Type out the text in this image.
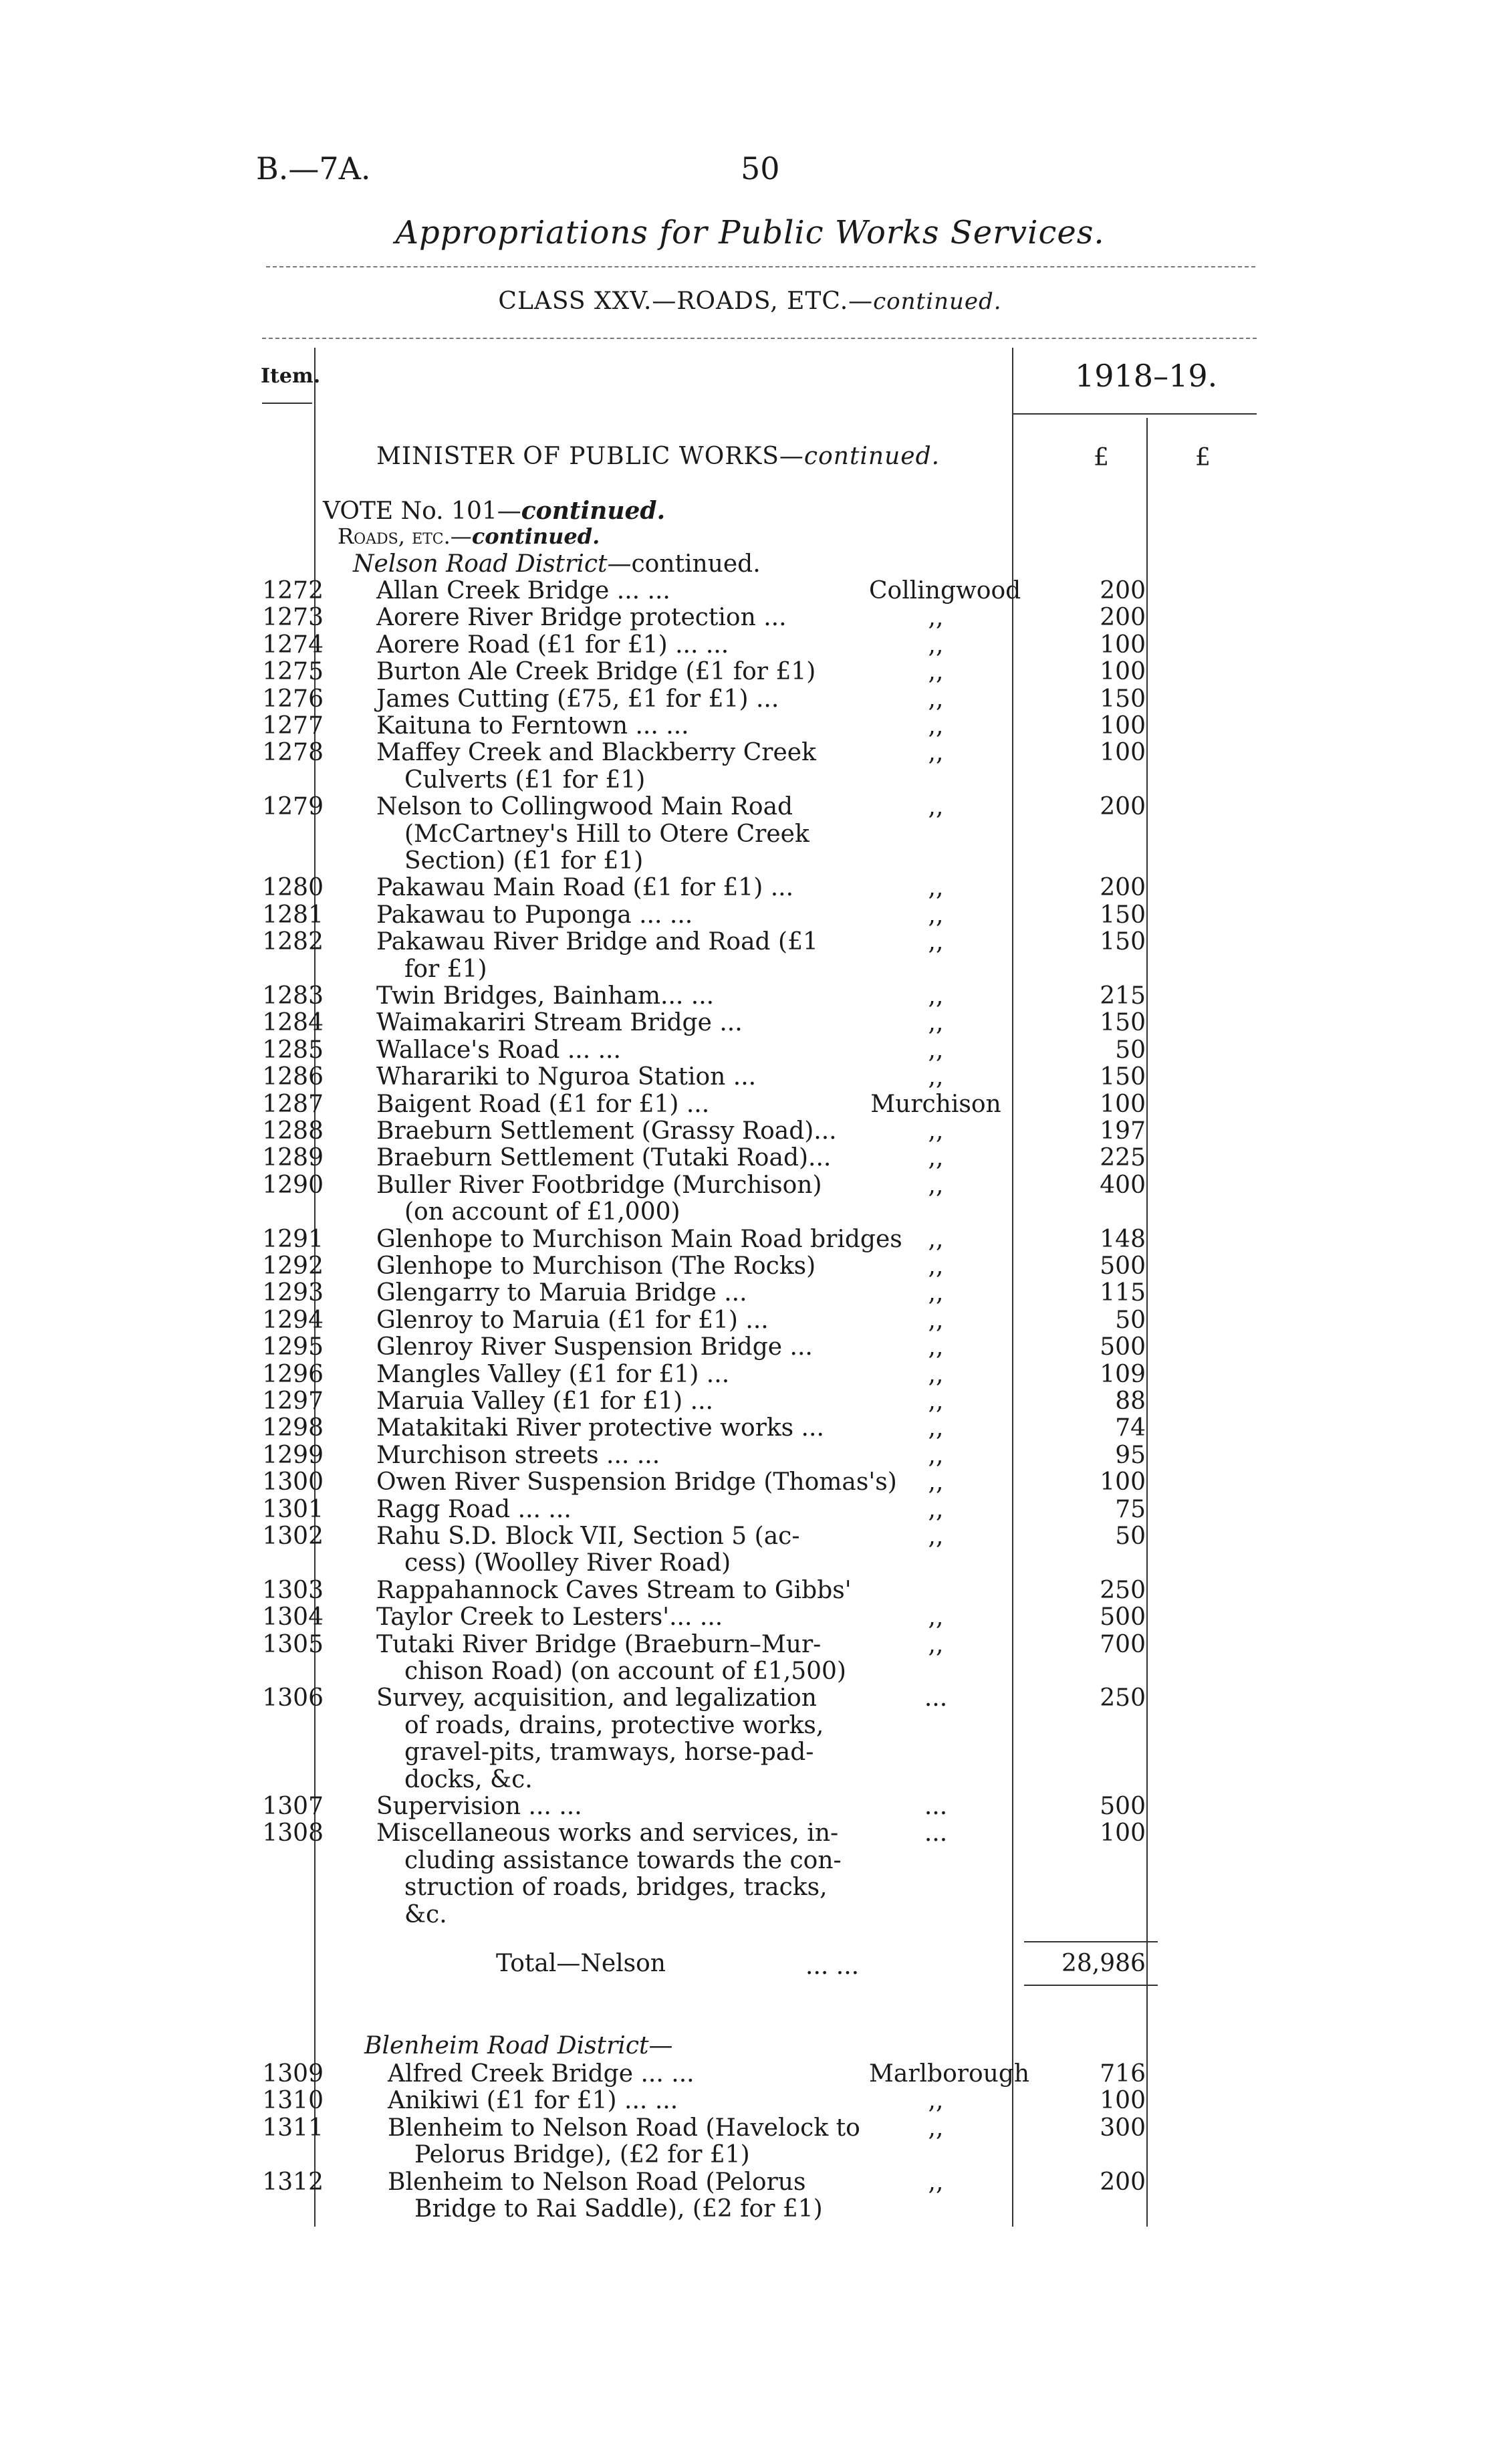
B.—7A.	50
Appropriations for Public Works Services.
CLASS XXV.—ROADS, ETC.—continued.
Item.	1918–19.
MINISTER OF PUBLIC WORKS—continued.	£	£
VOTE No. 101—continued.
Roads, etc.—continued.
Nelson Road District—continued.
1272 Allan Creek Bridge ... ...	Collingwood	200
1273 Aorere River Bridge protection ...	,,	200
1274 Aorere Road (£1 for £1) ... ...	,,	100
1275 Burton Ale Creek Bridge (£1 for £1)	,,	100
1276 James Cutting (£75, £1 for £1) ...	,,	150
1277 Kaituna to Ferntown ... ...	,,	100
1278 Maffey Creek and Blackberry Creek
Culverts (£1 for £1)
,,	100
1279 Nelson to Collingwood Main Road
(McCartney's Hill to Otere Creek
Section) (£1 for £1)
,,	200
1280 Pakawau Main Road (£1 for £1) ...	,,	200
1281 Pakawau to Puponga ... ...	,,	150
1282 Pakawau River Bridge and Road (£1
for £1)
,,	150
1283 Twin Bridges, Bainham... ...	,,	215
1284 Waimakariri Stream Bridge ...	,,	150
1285 Wallace's Road ... ...	,,	50
1286 Wharariki to Nguroa Station ...	,,	150
1287 Baigent Road (£1 for £1) ...	Murchison	100
1288 Braeburn Settlement (Grassy Road)...	,,	197
1289 Braeburn Settlement (Tutaki Road)...	,,	225
1290 Buller River Footbridge (Murchison)
(on account of £1,000)
,,	400
1291 Glenhope to Murchison Main Road bridges	,,	148
1292 Glenhope to Murchison (The Rocks)	,,	500
1293 Glengarry to Maruia Bridge ...	,,	115
1294 Glenroy to Maruia (£1 for £1) ...	,,	50
1295 Glenroy River Suspension Bridge ...	,,	500
1296 Mangles Valley (£1 for £1) ...	,,	109
1297 Maruia Valley (£1 for £1) ...	,,	88
1298 Matakitaki River protective works ...	,,	74
1299 Murchison streets ... ...	,,	95
1300 Owen River Suspension Bridge (Thomas's)	,,	100
1301 Ragg Road ... ...	,,	75
1302 Rahu S.D. Block VII, Section 5 (ac-
cess) (Woolley River Road)
,,	50
1303 Rappahannock Caves Stream to Gibbs'	250
1304 Taylor Creek to Lesters'... ...	,,	500
1305 Tutaki River Bridge (Braeburn–Mur-
chison Road) (on account of £1,500)
,,	700
1306 Survey, acquisition, and legalization
of roads, drains, protective works,
gravel-pits, tramways, horse-pad-
docks, &c.
...	250
1307 Supervision ... ...	...	500
1308 Miscellaneous works and services, in-
cluding assistance towards the con-
struction of roads, bridges, tracks,
&c.
...	100
Total—Nelson	... ...	28,986
Blenheim Road District—
1309	Alfred Creek Bridge ... ...	Marlborough	716
1310	Anikiwi (£1 for £1) ... ...	,,	100
1311	Blenheim to Nelson Road (Havelock to
Pelorus Bridge), (£2 for £1)
,,	300
1312	Blenheim to Nelson Road (Pelorus
Bridge to Rai Saddle), (£2 for £1)
,,	200
